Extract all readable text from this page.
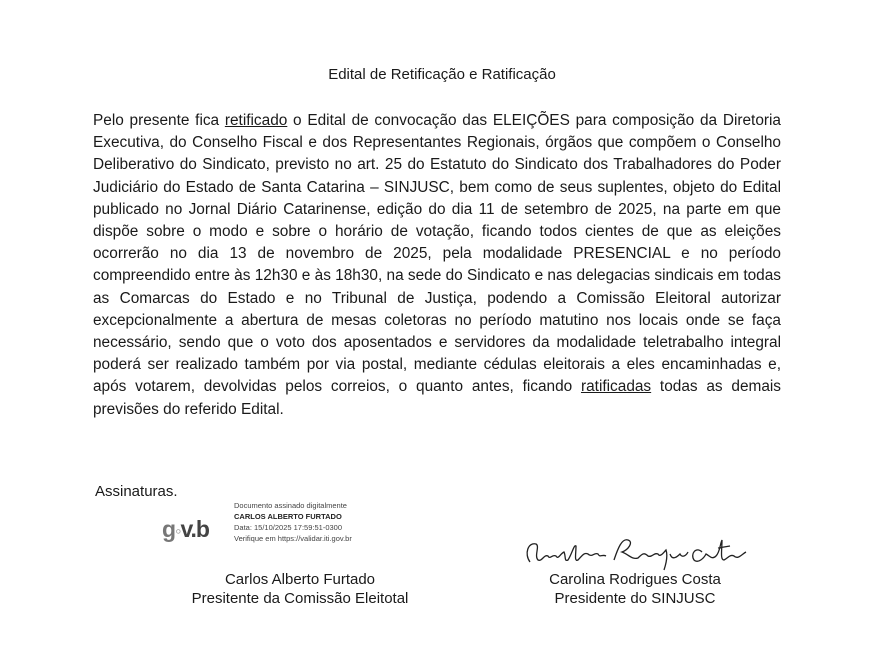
Edital de Retificação e Ratificação
Pelo presente fica retificado o Edital de convocação das ELEIÇÕES para composição da Diretoria Executiva, do Conselho Fiscal e dos Representantes Regionais, órgãos que compõem o Conselho Deliberativo do Sindicato, previsto no art. 25 do Estatuto do Sindicato dos Trabalhadores do Poder Judiciário do Estado de Santa Catarina – SINJUSC, bem como de seus suplentes, objeto do Edital publicado no Jornal Diário Catarinense, edição do dia 11 de setembro de 2025, na parte em que dispõe sobre o modo e sobre o horário de votação, ficando todos cientes de que as eleições ocorrerão no dia 13 de novembro de 2025, pela modalidade PRESENCIAL e no período compreendido entre às 12h30 e às 18h30, na sede do Sindicato e nas delegacias sindicais em todas as Comarcas do Estado e no Tribunal de Justiça, podendo a Comissão Eleitoral autorizar excepcionalmente a abertura de mesas coletoras no período matutino nos locais onde se faça necessário, sendo que o voto dos aposentados e servidores da modalidade teletrabalho integral poderá ser realizado também por via postal, mediante cédulas eleitorais a eles encaminhadas e, após votarem, devolvidas pelos correios, o quanto antes, ficando ratificadas todas as demais previsões do referido Edital.
Assinaturas.
g◦v.b
Documento assinado digitalmente
CARLOS ALBERTO FURTADO
Data: 15/10/2025 17:59:51-0300
Verifique em https://validar.iti.gov.br
Carlos Alberto Furtado
Presitente da Comissão Eleitotal
Carolina Rodrigues Costa
Carolina Rodrigues Costa
Presidente do SINJUSC
